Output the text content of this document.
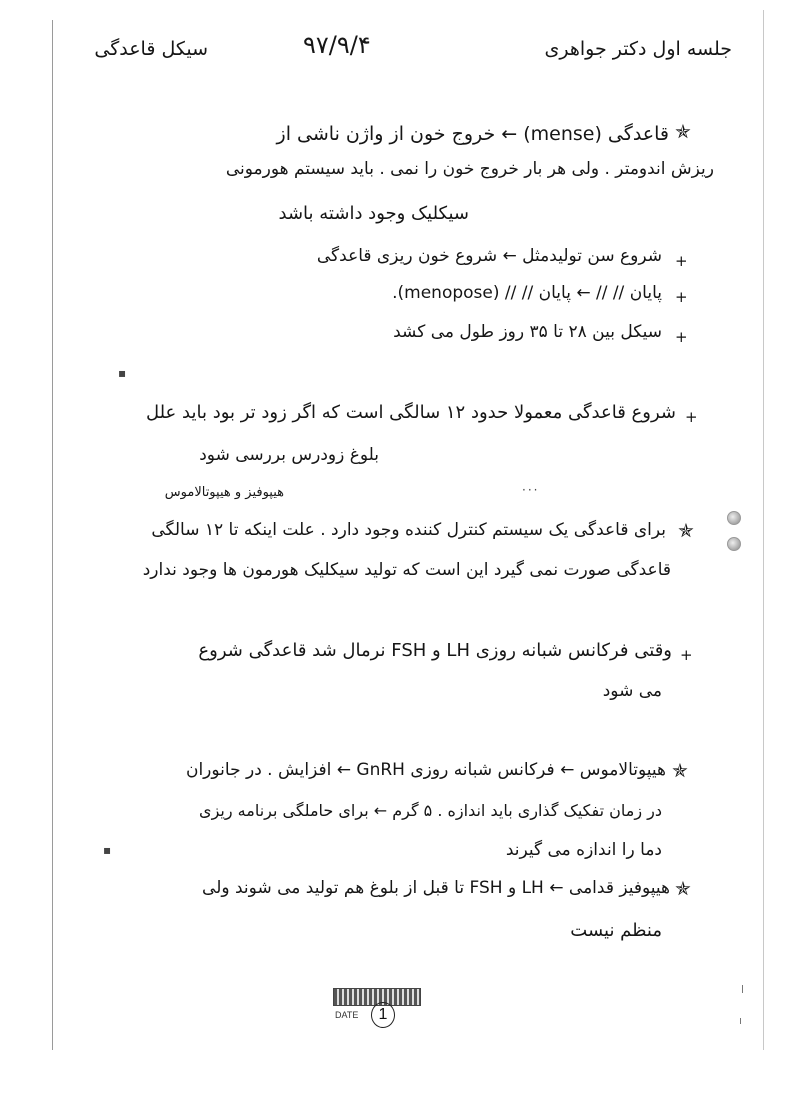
سیکل قاعدگی	۹۷/۹/۴	جلسه اول دکتر جواهری
✯
قاعدگی (mense) ← خروج خون از واژن ناشی از
ریزش اندومتر . ولی هر بار خروج خون را نمی . باید سیستم هورمونی
سیکلیک وجود داشته باشد
+
شروع سن تولیدمثل ← شروع خون ریزی قاعدگی
+
پایان // // ← پایان // // (menopose).
+
سیکل بین ۲۸ تا ۳۵ روز طول می کشد
▪
+
شروع قاعدگی معمولا حدود ۱۲ سالگی است که اگر زود تر بود باید علل
بلوغ زودرس بررسی شود
···
هیپوفیز و هیپوتالاموس
✯
برای قاعدگی یک سیستم کنترل کننده وجود دارد . علت اینکه تا ۱۲ سالگی
قاعدگی صورت نمی گیرد این است که تولید سیکلیک هورمون ها وجود ندارد
+
وقتی فرکانس شبانه روزی LH و FSH نرمال شد قاعدگی شروع
می شود
✯
هیپوتالاموس ← فرکانس شبانه روزی GnRH ← افزایش . در جانوران
در زمان تفکیک گذاری باید اندازه . ۵ گرم ← برای حاملگی برنامه ریزی
▪	دما را اندازه می گیرند
✯
هیپوفیز قدامی ← LH و FSH تا قبل از بلوغ هم تولید می شوند ولی
منظم نیست
DATE	1
